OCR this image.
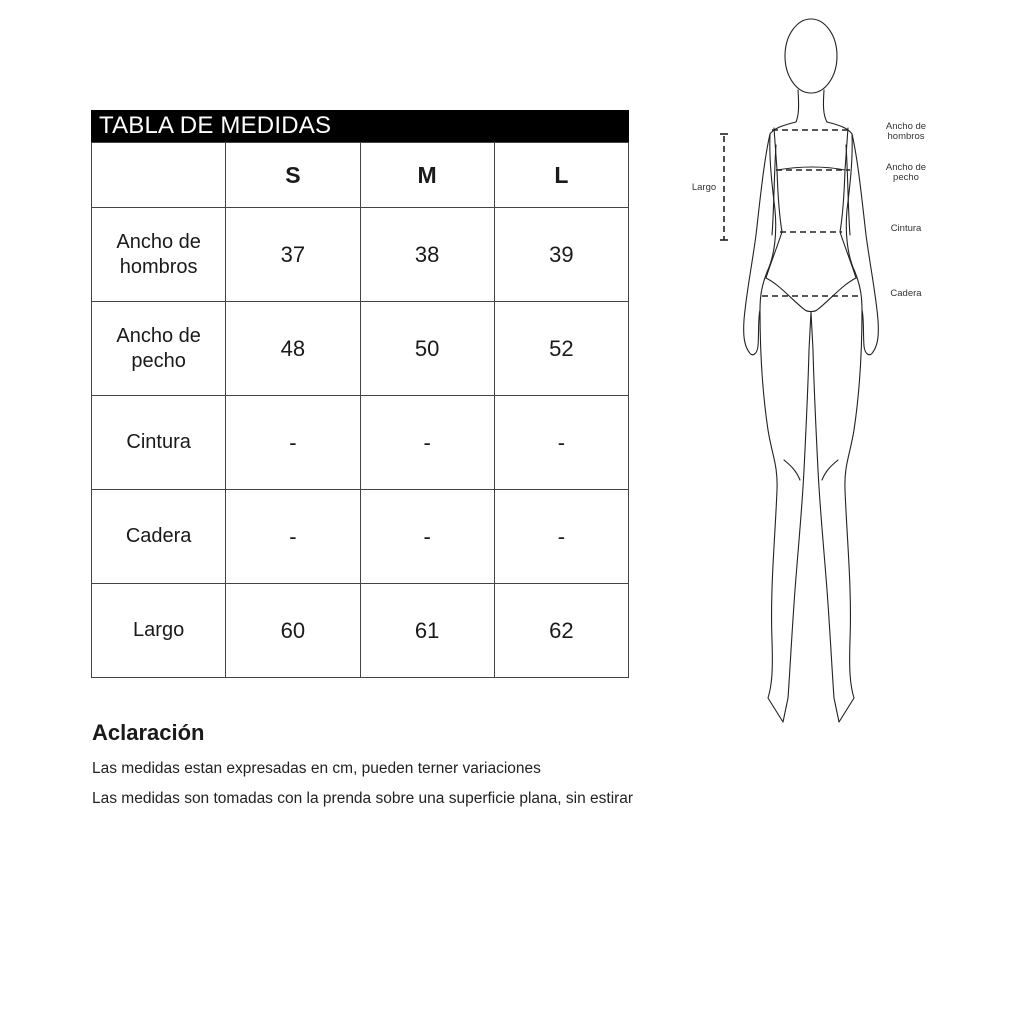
TABLA DE MEDIDAS
	S	M	L

Ancho de
hombros	37	38	39

Ancho de
pecho	48	50	52
Cintura	-	-	-
Cadera	-	-	-
Largo	60	61	62
Aclaración

Las medidas estan expresadas en cm, pueden terner variaciones

Las medidas son tomadas con la prenda sobre una superficie plana, sin estirar

Ancho de
hombros
Ancho de
pecho
Cintura
Cadera
Largo
